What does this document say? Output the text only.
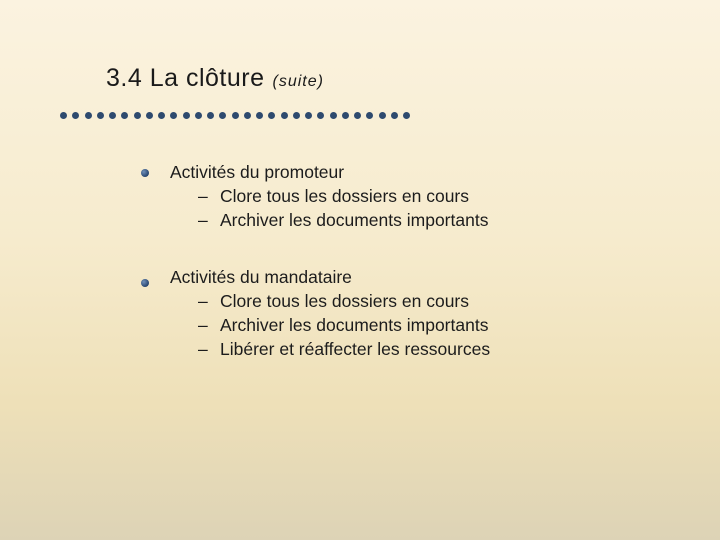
3.4 La clôture (suite)
Activités du promoteur
– Clore tous les dossiers en cours
– Archiver les documents importants
Activités du mandataire
– Clore tous les dossiers en cours
– Archiver les documents importants
– Libérer et réaffecter les ressources
